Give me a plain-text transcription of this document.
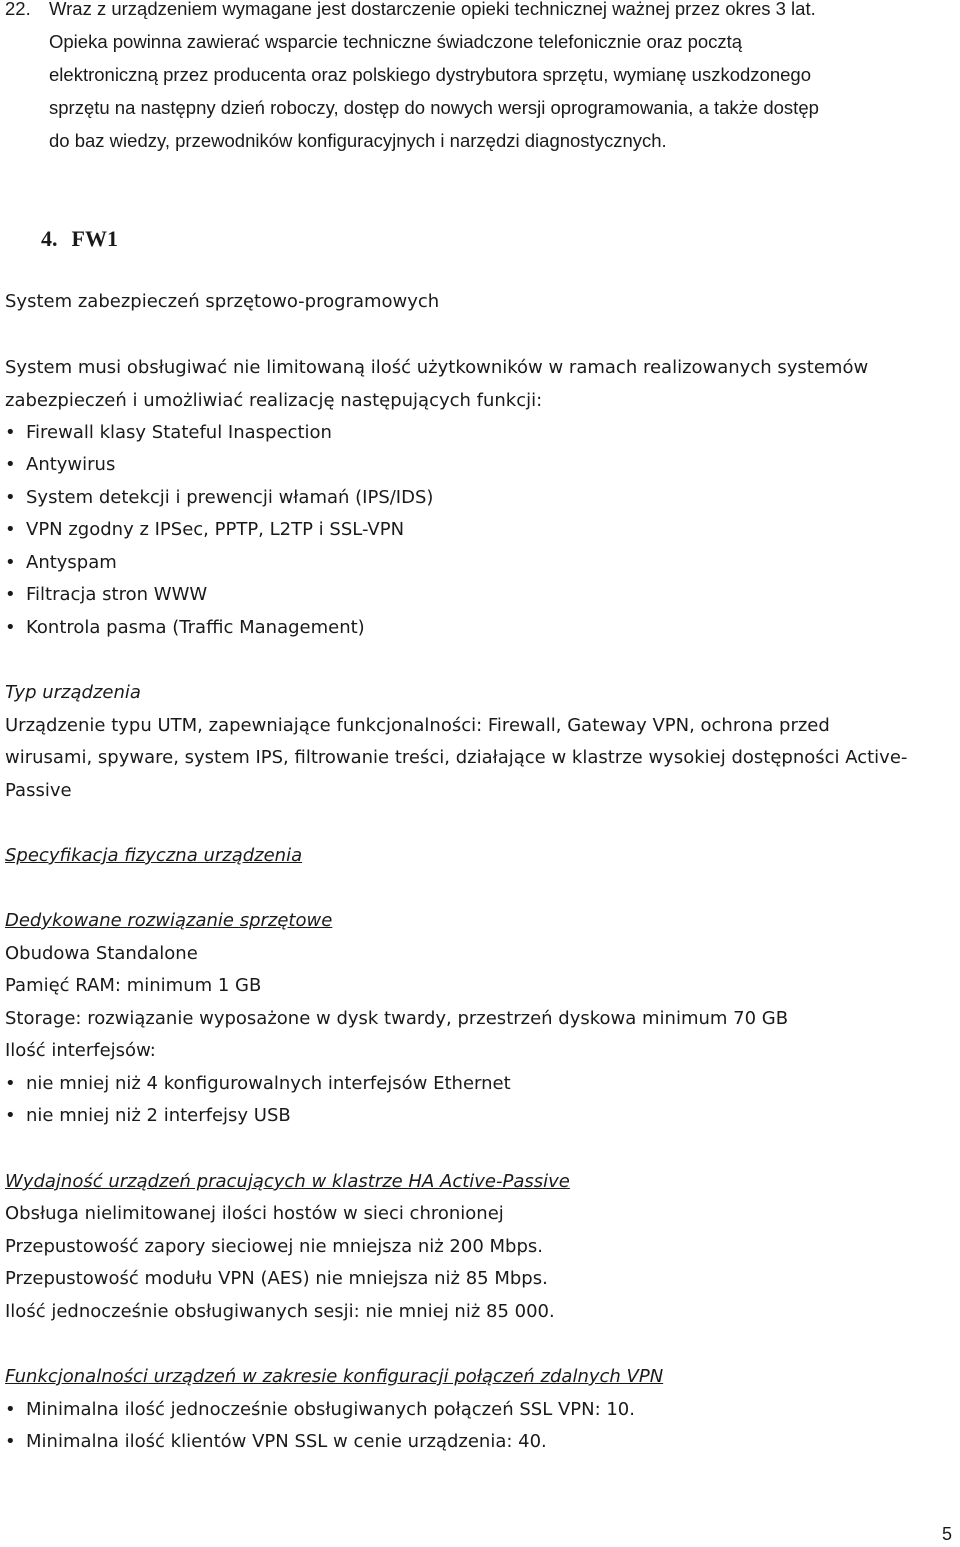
22. Wraz z urządzeniem wymagane jest dostarczenie opieki technicznej ważnej przez okres 3 lat.
Opieka powinna zawierać wsparcie techniczne świadczone telefonicznie oraz pocztą
elektroniczną przez producenta oraz polskiego dystrybutora sprzętu, wymianę uszkodzonego
sprzętu na następny dzień roboczy, dostęp do nowych wersji oprogramowania, a także dostęp
do baz wiedzy, przewodników konfiguracyjnych i narzędzi diagnostycznych.
4. FW1
System zabezpieczeń sprzętowo-programowych
System musi obsługiwać nie limitowaną ilość użytkowników w ramach realizowanych systemów
zabezpieczeń i umożliwiać realizację następujących funkcji:
• Firewall klasy Stateful Inaspection
• Antywirus
• System detekcji i prewencji włamań (IPS/IDS)
• VPN zgodny z IPSec, PPTP, L2TP i SSL-VPN
• Antyspam
• Filtracja stron WWW
• Kontrola pasma (Traffic Management)
Typ urządzenia
Urządzenie typu UTM, zapewniające funkcjonalności: Firewall, Gateway VPN, ochrona przed
wirusami, spyware, system IPS, filtrowanie treści, działające w klastrze wysokiej dostępności Active-
Passive
Specyfikacja fizyczna urządzenia
Dedykowane rozwiązanie sprzętowe
Obudowa Standalone
Pamięć RAM: minimum 1 GB
Storage: rozwiązanie wyposażone w dysk twardy, przestrzeń dyskowa minimum 70 GB
Ilość interfejsów:
• nie mniej niż 4 konfigurowalnych interfejsów Ethernet
• nie mniej niż 2 interfejsy USB
Wydajność urządzeń pracujących w klastrze HA Active-Passive
Obsługa nielimitowanej ilości hostów w sieci chronionej
Przepustowość zapory sieciowej nie mniejsza niż 200 Mbps.
Przepustowość modułu VPN (AES) nie mniejsza niż 85 Mbps.
Ilość jednocześnie obsługiwanych sesji: nie mniej niż 85 000.
Funkcjonalności urządzeń w zakresie konfiguracji połączeń zdalnych VPN
• Minimalna ilość jednocześnie obsługiwanych połączeń SSL VPN: 10.
• Minimalna ilość klientów VPN SSL w cenie urządzenia: 40.
5
